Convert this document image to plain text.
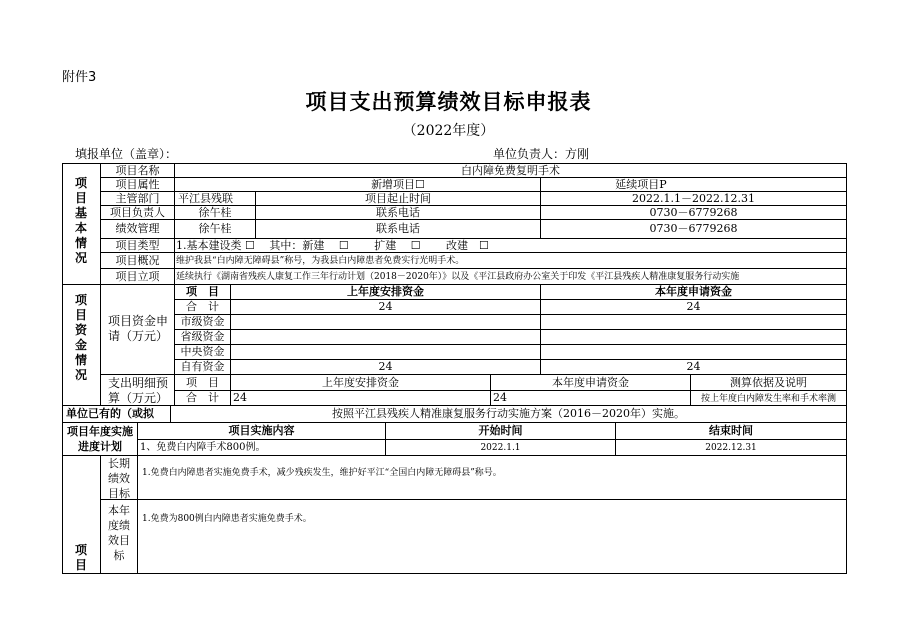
附件3
项目支出预算绩效目标申报表
（2022年度）
填报单位（盖章）：	单位负责人：方刚
项目基本情况
项目名称	白内障免费复明手术
项目属性	新增项目☐	延续项目P
主管部门	平江县残联	项目起止时间	2022.1.1－2022.12.31
项目负责人	徐午桂	联系电话	0730－6779268
绩效管理	徐午桂	联系电话	0730－6779268
项目类型	1.基本建设类 ☐　 其中：新建 　☐　　 扩建　 ☐　　 改建　☐
项目概况	维护我县“白内障无障碍县”称号，为我县白内障患者免费实行光明手术。
项目立项	延续执行《湖南省残疾人康复工作三年行动计划（2018－2020年）》以及《平江县政府办公室关于印发《平江县残疾人精准康复服务行动实施
项目资金情况
项目资金申请（万元）
项　目	上年度安排资金	本年度申请资金
合　计	24	24
市级资金
省级资金
中央资金
自有资金	24	24
支出明细预算（万元）
项　目	上年度安排资金	本年度申请资金	测算依据及说明
合　计	24	24	按上年度白内障发生率和手术率测
单位已有的（或拟	按照平江县残疾人精准康复服务行动实施方案（2016－2020年）实施。
项目年度实施进度计划
项目实施内容	开始时间	结束时间
1、免费白内障手术800例。	2022.1.1	2022.12.31
项目
长期绩效目标
1.免费白内障患者实施免费手术，减少残疾发生，维护好平江“全国白内障无障碍县”称号。
本年度绩效目标
1.免费为800例白内障患者实施免费手术。
